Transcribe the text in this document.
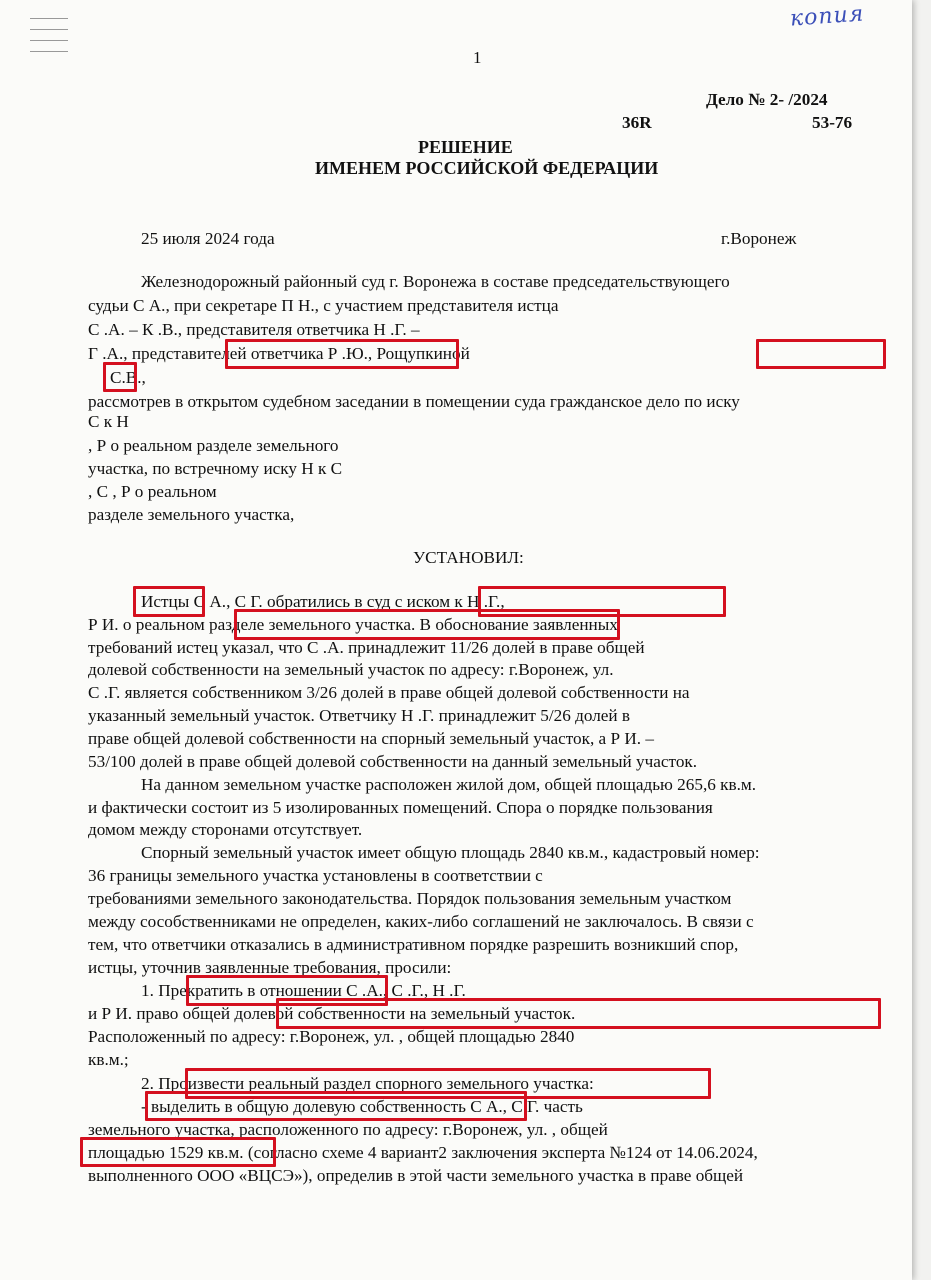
копия
1
Дело № 2- /2024
36R	53-76
РЕШЕНИЕ
ИМЕНЕМ РОССИЙСКОЙ ФЕДЕРАЦИИ
25 июля 2024 года	г.Воронеж
Железнодорожный районный суд г. Воронежа в составе председательствующего
судьи С А., при секретаре П Н., с участием представителя истца
С .А. – К .В., представителя ответчика Н .Г. –
Г .А., представителей ответчика Р .Ю., Рощупкиной
С.В.,
рассмотрев в открытом судебном заседании в помещении суда гражданское дело по иску
С к Н
, Р о реальном разделе земельного
участка, по встречному иску Н к С
, С , Р о реальном
разделе земельного участка,
УСТАНОВИЛ:
Истцы С А., С Г. обратились в суд с иском к Н .Г.,
Р И. о реальном разделе земельного участка. В обоснование заявленных
требований истец указал, что С .А. принадлежит 11/26 долей в праве общей
долевой собственности на земельный участок по адресу: г.Воронеж, ул.
С .Г. является собственником 3/26 долей в праве общей долевой собственности на
указанный земельный участок. Ответчику Н .Г. принадлежит 5/26 долей в
праве общей долевой собственности на спорный земельный участок, а Р И. –
53/100 долей в праве общей долевой собственности на данный земельный участок.
На данном земельном участке расположен жилой дом, общей площадью 265,6 кв.м.
и фактически состоит из 5 изолированных помещений. Спора о порядке пользования
домом между сторонами отсутствует.
Спорный земельный участок имеет общую площадь 2840 кв.м., кадастровый номер:
36 границы земельного участка установлены в соответствии с
требованиями земельного законодательства. Порядок пользования земельным участком
между сособственниками не определен, каких-либо соглашений не заключалось. В связи с
тем, что ответчики отказались в административном порядке разрешить возникший спор,
истцы, уточнив заявленные требования, просили:
1. Прекратить в отношении С .А., С .Г., Н .Г.
и Р И. право общей долевой собственности на земельный участок.
Расположенный по адресу: г.Воронеж, ул. , общей площадью 2840
кв.м.;
2. Произвести реальный раздел спорного земельного участка:
- выделить в общую долевую собственность С А., С Г. часть
земельного участка, расположенного по адресу: г.Воронеж, ул. , общей
площадью 1529 кв.м. (согласно схеме 4 вариант2 заключения эксперта №124 от 14.06.2024,
выполненного ООО «ВЦСЭ»), определив в этой части земельного участка в праве общей
